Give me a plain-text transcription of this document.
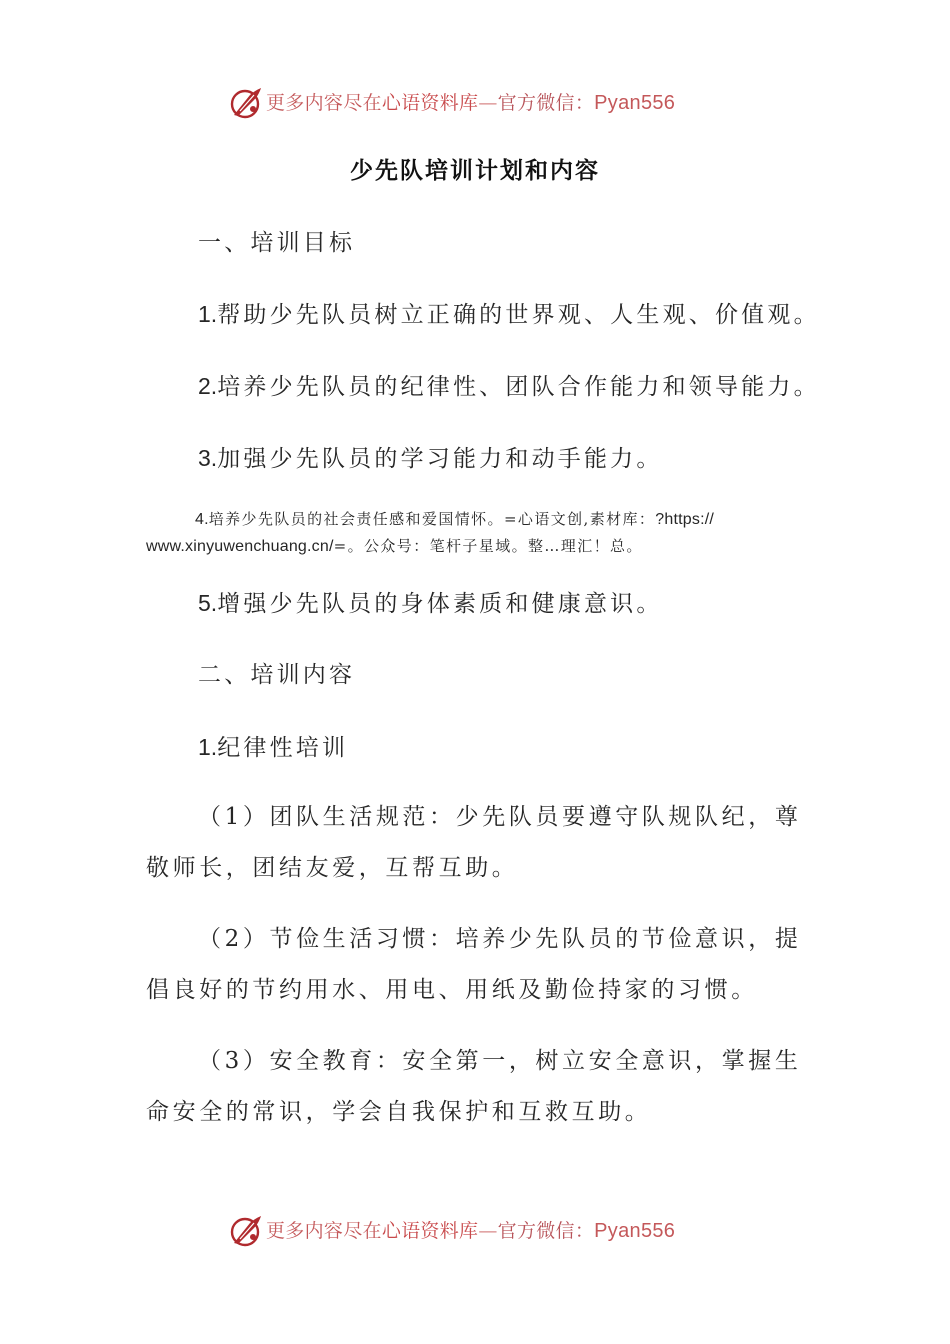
更多内容尽在心语资料库—官方微信：Pyan556
少先队培训计划和内容
一、培训目标
1.帮助少先队员树立正确的世界观、人生观、价值观。
2.培养少先队员的纪律性、团队合作能力和领导能力。
3.加强少先队员的学习能力和动手能力。
4.培养少先队员的社会责任感和爱国情怀。=心语文创,素材库：?https://
www.xinyuwenchuang.cn/=。公众号：笔杆子星域。整…理汇！总。
5.增强少先队员的身体素质和健康意识。
二、培训内容
1.纪律性培训
（1）团队生活规范：少先队员要遵守队规队纪，尊敬师长，团结友爱，互帮互助。
（2）节俭生活习惯：培养少先队员的节俭意识，提倡良好的节约用水、用电、用纸及勤俭持家的习惯。
（3）安全教育：安全第一，树立安全意识，掌握生命安全的常识，学会自我保护和互救互助。
更多内容尽在心语资料库—官方微信：Pyan556
